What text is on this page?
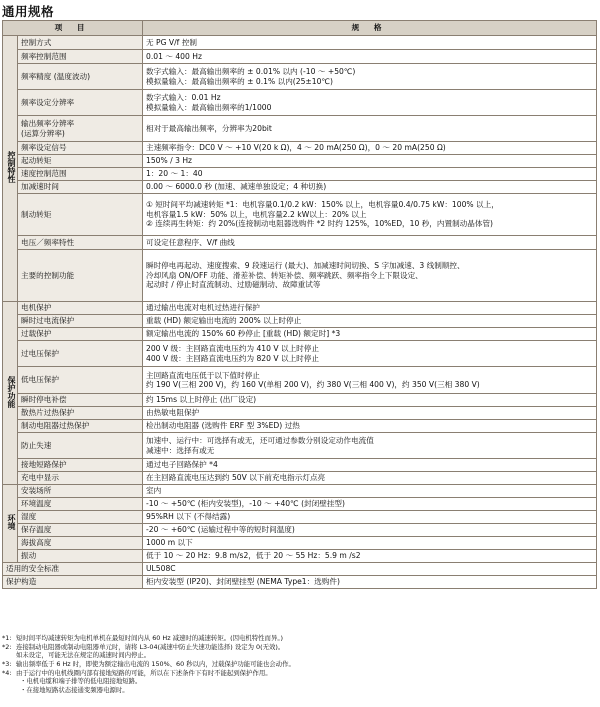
通用规格
项 目		规 格
控制特性	控制方式	无 PG V/f 控制

	频率控制范围	0.01 ～ 400 Hz

	频率精度 (温度波动)	数字式输入：最高输出频率的 ± 0.01% 以内 (-10 ～ +50℃)
模拟量输入：最高输出频率的 ± 0.1% 以内(25±10℃)

	频率设定分辨率	数字式输入：0.01 Hz
模拟量输入：最高输出频率的1/1000

	输出频率分辨率
(运算分辨率)	相对于最高输出频率，分辨率为20bit

	频率设定信号	主速频率指令：DC0 V ～ +10 V(20 k Ω)，4 ～ 20 mA(250 Ω)，0 ～ 20 mA(250 Ω)

	起动转矩	150% / 3 Hz

	速度控制范围	1：20 ～ 1：40

	加减速时间	0.00 ～ 6000.0 秒 (加速、减速单独设定；4 种切换)

	制动转矩	① 短时间平均减速转矩 *1：电机容量0.1/0.2 kW：150% 以上，电机容量0.4/0.75 kW：100% 以上，
电机容量1.5 kW：50% 以上，电机容量2.2 kW以上：20% 以上
② 连续再生转矩：约 20%(连接制动电阻器选购件 *2 时约 125%，10%ED，10 秒，内置制动晶体管)

	电压／频率特性	可设定任意程序、V/f 曲线

	主要的控制功能	瞬时停电再起动、速度搜索、9 段速运行 (最大)、加减速时间切换、S 字加减速、3 线制顺控、
冷却风扇 ON/OFF 功能、滑差补偿、转矩补偿、频率跳跃、频率指令上下限设定、
起动时 / 停止时直流制动、过励磁制动、故障重试等

保护功能	电机保护	通过输出电流对电机过热进行保护

	瞬时过电流保护	重载 (HD) 额定输出电流的 200% 以上时停止

	过载保护	额定输出电流的 150% 60 秒停止 [重载 (HD) 额定时] *3

	过电压保护	200 V 级：主回路直流电压约为 410 V 以上时停止
400 V 级：主回路直流电压约为 820 V 以上时停止

	低电压保护	主回路直流电压低于以下值时停止
约 190 V(三相 200 V)，约 160 V(单相 200 V)，约 380 V(三相 400 V)，约 350 V(三相 380 V)

	瞬时停电补偿	约 15ms 以上时停止 (出厂设定)

	散热片过热保护	由热敏电阻保护

	制动电阻器过热保护	检出制动电阻器 (选购件 ERF 型 3%ED) 过热

	防止失速	加速中、运行中：可选择有或无，还可通过参数分别设定动作电流值
减速中：选择有或无

	接地短路保护	通过电子回路保护 *4

	充电中显示	在主回路直流电压达到约 50V 以下前充电指示灯点亮

环境	安装场所	室内

	环境温度	-10 ～ +50℃ (柜内安装型)，-10 ～ +40℃ (封闭壁挂型)

	湿度	95%RH 以下 (不得结露)

	保存温度	-20 ～ +60℃ (运输过程中等的短时间温度)

	海拔高度	1000 m 以下

	振动	低于 10 ～ 20 Hz：9.8 m/s2，低于 20 ～ 55 Hz：5.9 m /s2

适用的安全标准		UL508C

保护构造		柜内安装型 (IP20)、封闭壁挂型 (NEMA Type1：选购件)
*1: 短时间平均减速转矩为电机单机在最短时间内从 60 Hz 减速时的减速转矩。(因电机特性而异。)
*2: 连接制动电阻器或制动电阻器单元时，请将 L3-04(减速中防止失速功能选择) 设定为 0(无效)。
如未设定，可能无法在规定的减速时间内停止。
*3: 输出频率低于 6 Hz 时，即使为额定输出电流的 150%、60 秒以内，过载保护功能可能也会动作。
*4: 由于运行中的电机线圈内部有接地短路的可能，所以在下述条件下有时不能起到保护作用。
・电机电缆和端子排等的低电阻接地短路。
・在接地短路状态接通变频器电源时。
